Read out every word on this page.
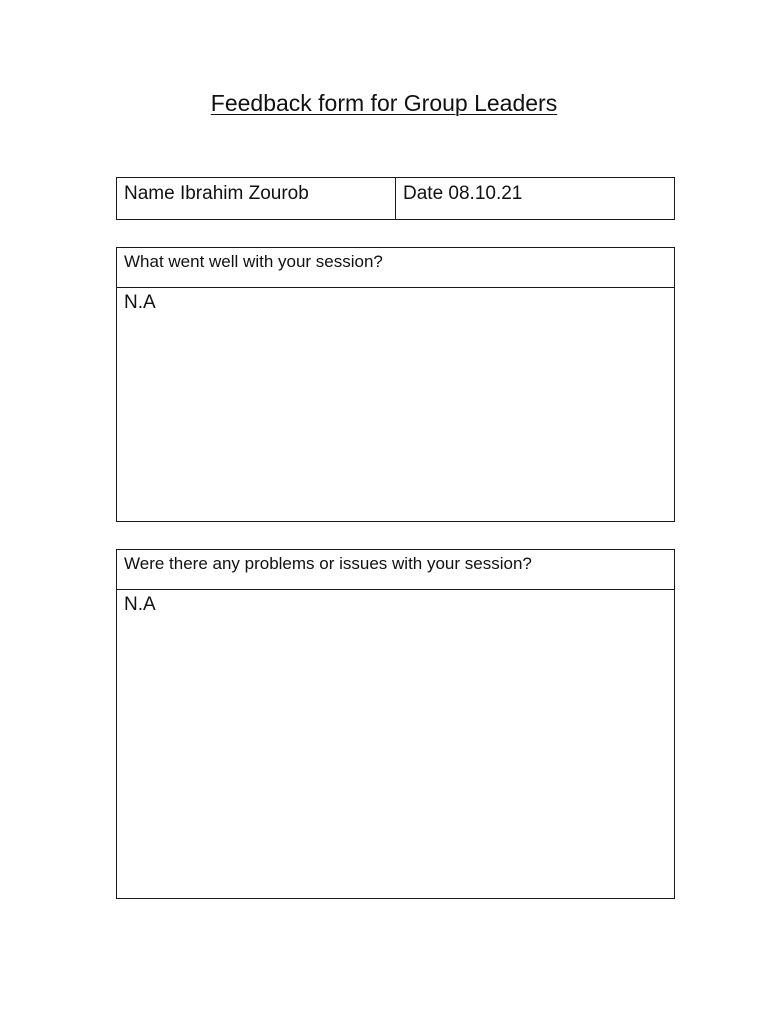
Feedback form for Group Leaders
Name Ibrahim Zourob	Date 08.10.21
What went well with your session?
N.A
Were there any problems or issues with your session?
N.A
